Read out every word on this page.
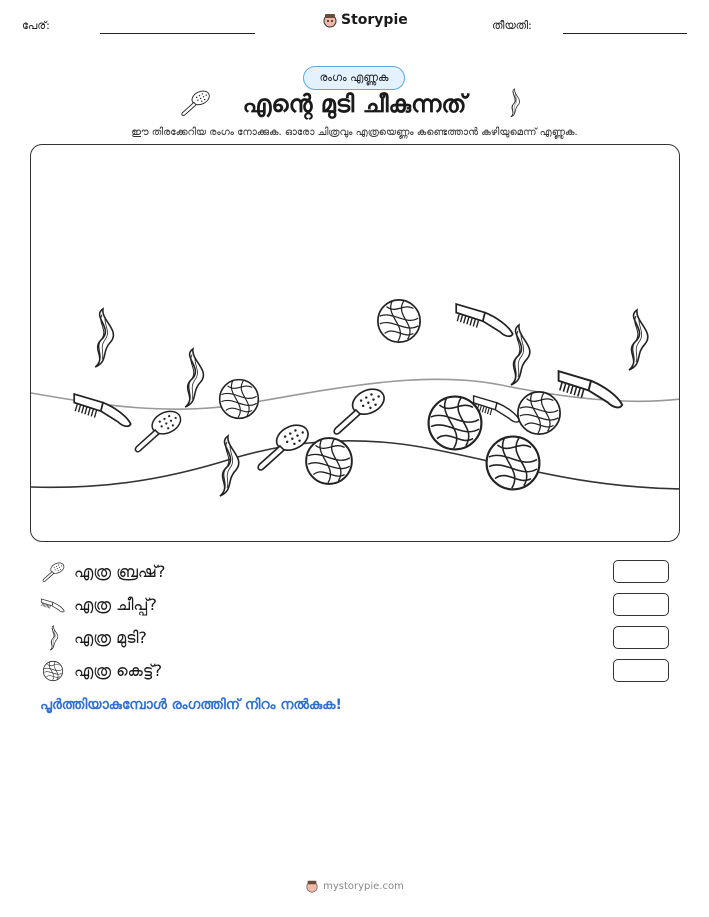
പേര്:	Storypie	തീയതി:
രംഗം എണ്ണുക
എന്റെ മുടി ചീകുന്നത്
ഈ തിരക്കേറിയ രംഗം നോക്കുക. ഓരോ ചിത്രവും എത്രയെണ്ണം കണ്ടെത്താൻ കഴിയുമെന്ന് എണ്ണുക.
എത്ര ബ്രഷ്?
എത്ര ചീപ്പ്?
എത്ര മുടി?
എത്ര കെട്ട്?
പൂർത്തിയാകുമ്പോൾ രംഗത്തിന് നിറം നൽകുക!
mystorypie.com
